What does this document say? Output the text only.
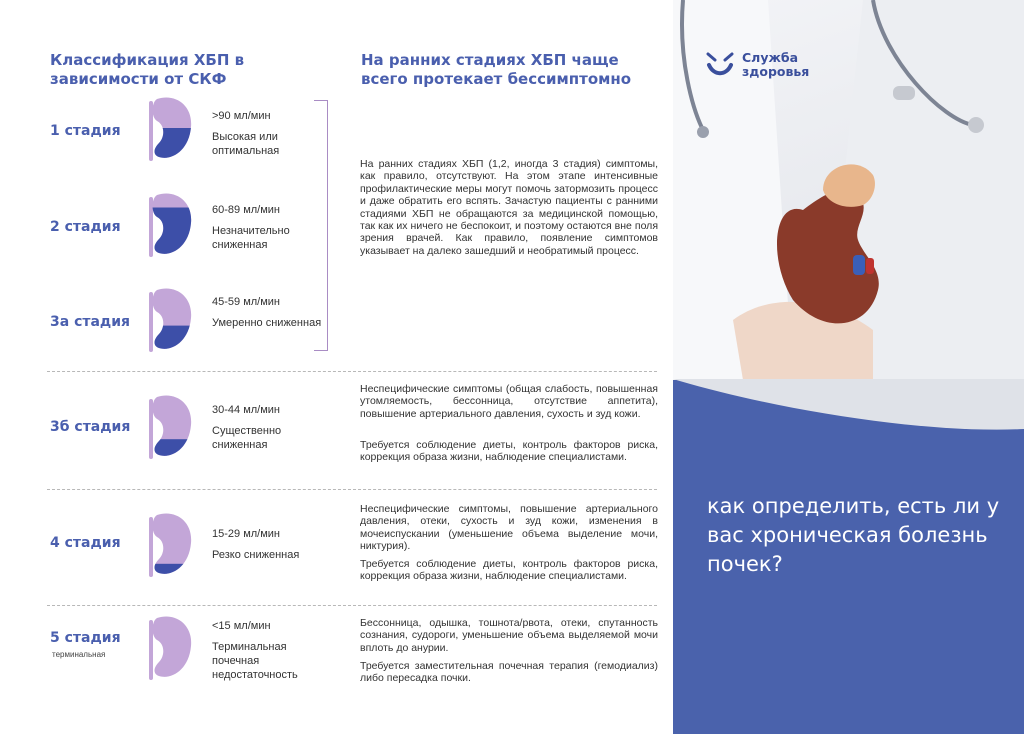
Классификация ХБП в зависимости от СКФ
На ранних стадиях ХБП чаще всего протекает бессимптомно
1 стадия
>90 мл/мин
Высокая или оптимальная
2 стадия
60-89 мл/мин
Незначительно сниженная
3а стадия
45-59 мл/мин
Умеренно сниженная
3б стадия
30-44 мл/мин
Существенно сниженная
4 стадия
15-29 мл/мин
Резко сниженная
5 стадия
терминальная
<15 мл/мин
Терминальная почечная недостаточность

На ранних стадиях ХБП (1,2, иногда 3 стадия) симптомы, как правило, отсутствуют. На этом этапе интенсивные профилактические меры могут помочь затормозить процесс и даже обратить его вспять. Зачастую пациенты с ранними стадиями ХБП не обращаются за медицинской помощью, так как их ничего не беспокоит, и поэтому остаются вне поля зрения врачей. Как правило, появление симптомов указывает на далеко зашедший и необратимый процесс.

Неспецифические симптомы (общая слабость, повышенная утомляемость, бессонница, отсутствие аппетита), повышение артериального давления, сухость и зуд кожи.

Требуется соблюдение диеты, контроль факторов риска, коррекция образа жизни, наблюдение специалистами.

Неспецифические симптомы, повышение артериального давления, отеки, сухость и зуд кожи, изменения в мочеиспускании (уменьшение объема выделение мочи, никтурия).

Требуется соблюдение диеты, контроль факторов риска, коррекция образа жизни, наблюдение специалистами.

Бессонница, одышка, тошнота/рвота, отеки, спутанность сознания, судороги, уменьшение объема выделяемой мочи вплоть до анурии.

Требуется заместительная почечная терапия (гемодиализ) либо пересадка почки.

Служба
здоровья
как определить, есть ли у вас хроническая болезнь почек?
